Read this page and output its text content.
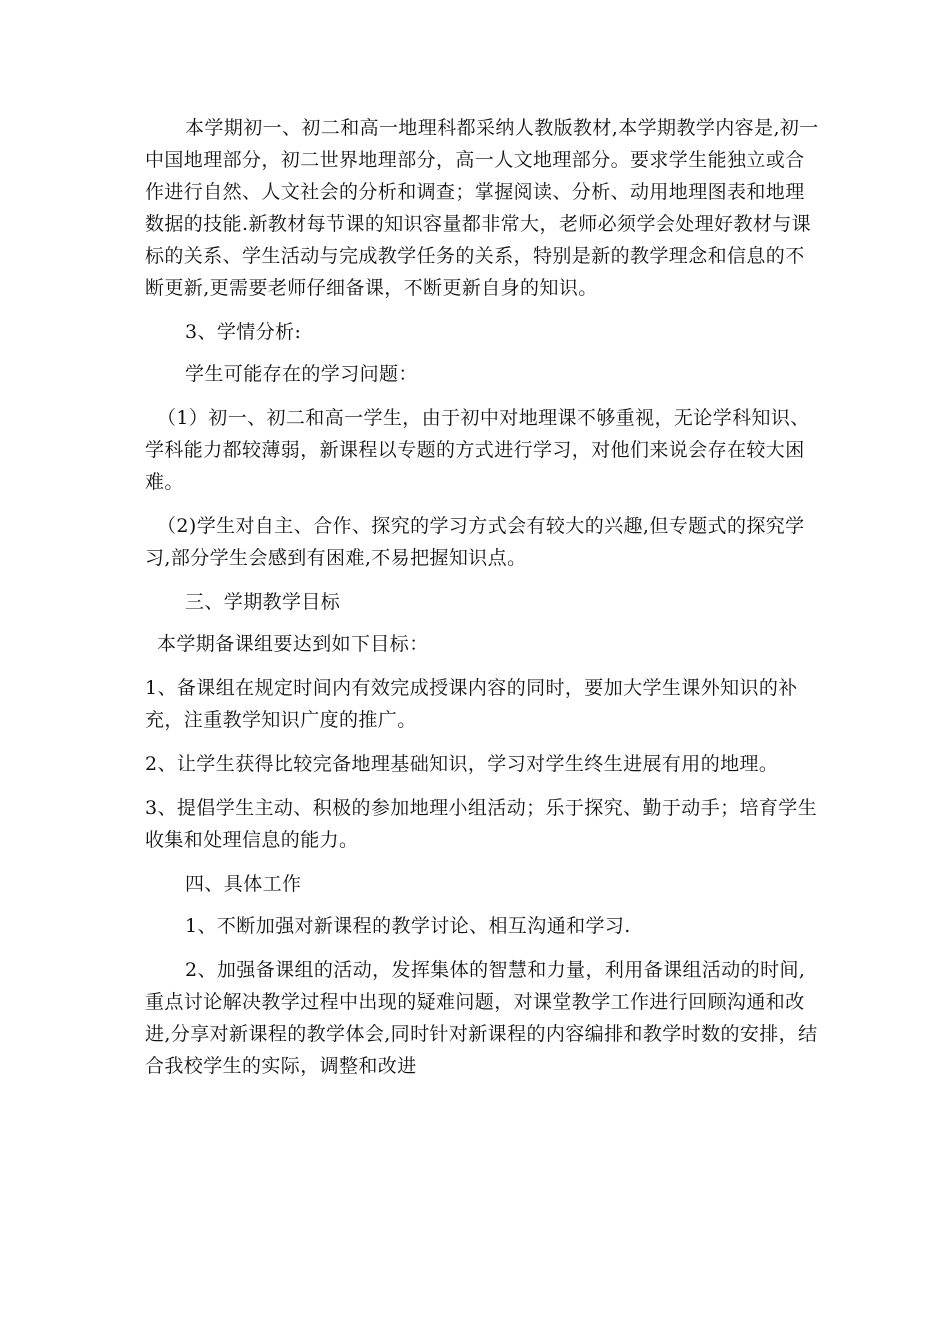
本学期初一、初二和高一地理科都采纳人教版教材,本学期教学内容是,初一中国地理部分，初二世界地理部分，高一人文地理部分。要求学生能独立或合作进行自然、人文社会的分析和调查；掌握阅读、分析、动用地理图表和地理数据的技能.新教材每节课的知识容量都非常大，老师必须学会处理好教材与课标的关系、学生活动与完成教学任务的关系，特别是新的教学理念和信息的不断更新,更需要老师仔细备课，不断更新自身的知识。

3、学情分析:

学生可能存在的学习问题：

（1）初一、初二和高一学生，由于初中对地理课不够重视，无论学科知识、学科能力都较薄弱，新课程以专题的方式进行学习，对他们来说会存在较大困难。

（2)学生对自主、合作、探究的学习方式会有较大的兴趣,但专题式的探究学习,部分学生会感到有困难,不易把握知识点。

三、学期教学目标

本学期备课组要达到如下目标：

1、备课组在规定时间内有效完成授课内容的同时，要加大学生课外知识的补充，注重教学知识广度的推广。

2、让学生获得比较完备地理基础知识，学习对学生终生进展有用的地理。

3、提倡学生主动、积极的参加地理小组活动；乐于探究、勤于动手；培育学生收集和处理信息的能力。

四、具体工作

1、不断加强对新课程的教学讨论、相互沟通和学习.

2、加强备课组的活动，发挥集体的智慧和力量，利用备课组活动的时间,重点讨论解决教学过程中出现的疑难问题，对课堂教学工作进行回顾沟通和改进,分享对新课程的教学体会,同时针对新课程的内容编排和教学时数的安排，结合我校学生的实际，调整和改进
